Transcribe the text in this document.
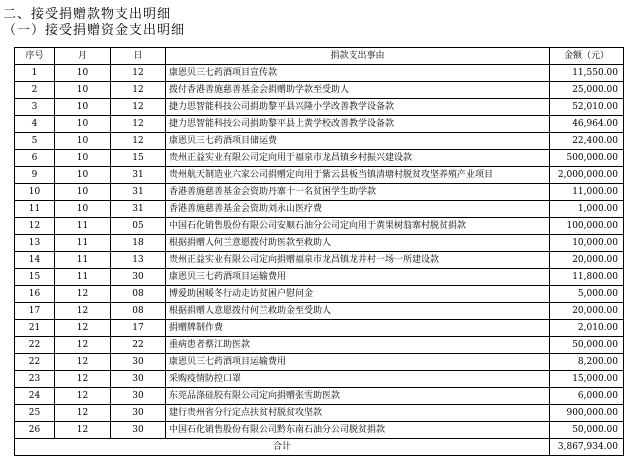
二、接受捐赠款物支出明细
（一）接受捐赠资金支出明细
序号	月	日	捐款支出事由	金额（元）
1	10	12	康恩贝三七药酒项目宣传款	11,550.00
2	10	12	拨付香港善施慈善基金会捐赠助学款至受助人	25,000.00
3	10	12	捷力思智能科技公司捐助黎平县兴隆小学改善教学设备款	52,010.00
4	10	12	捷力思智能科技公司捐助黎平县上黄学校改善教学设备款	46,964.00
5	10	12	康恩贝三七药酒项目储运费	22,400.00
6	10	15	贵州正益实业有限公司定向用于福泉市龙昌镇乡村振兴建设款	500,000.00
9	10	31	贵州航天制造业六家公司捐赠定向用于紫云县板当镇清塘村脱贫攻坚养殖产业项目	2,000,000.00
10	10	31	香港善施慈善基金会资助丹寨十一名贫困学生助学款	11,000.00
11	10	31	香港善施慈善基金会资助刘永山医疗费	1,000.00
12	11	05	中国石化销售股份有限公司安顺石油分公司定向用于黄果树翁寨村脱贫捐款	100,000.00
13	11	18	根据捐赠人何兰意愿拨付助医款至救助人	10,000.00
14	11	13	贵州正益实业有限公司定向捐赠福泉市龙昌镇龙井村一场一所建设款	20,000.00
15	11	30	康恩贝三七药酒项目运输费用	11,800.00
16	12	08	博爱助困暖冬行动走访贫困户慰问金	5,000.00
17	12	08	根据捐赠人意愿拨付何兰救助金至受助人	20,000.00
21	12	17	捐赠牌制作费	2,010.00
22	12	22	重病患者蔡江助医款	50,000.00
22	12	30	康恩贝三七药酒项目运输费用	8,200.00
23	12	30	采购疫情防控口罩	15,000.00
24	12	30	东莞品涤硅胶有限公司定向捐赠张雪助医款	6,000.00
25	12	30	建行贵州省分行定点扶贫村脱贫攻坚款	900,000.00
26	12	30	中国石化销售股份有限公司黔东南石油分公司脱贫捐款	50,000.00
合计				3,867,934.00
